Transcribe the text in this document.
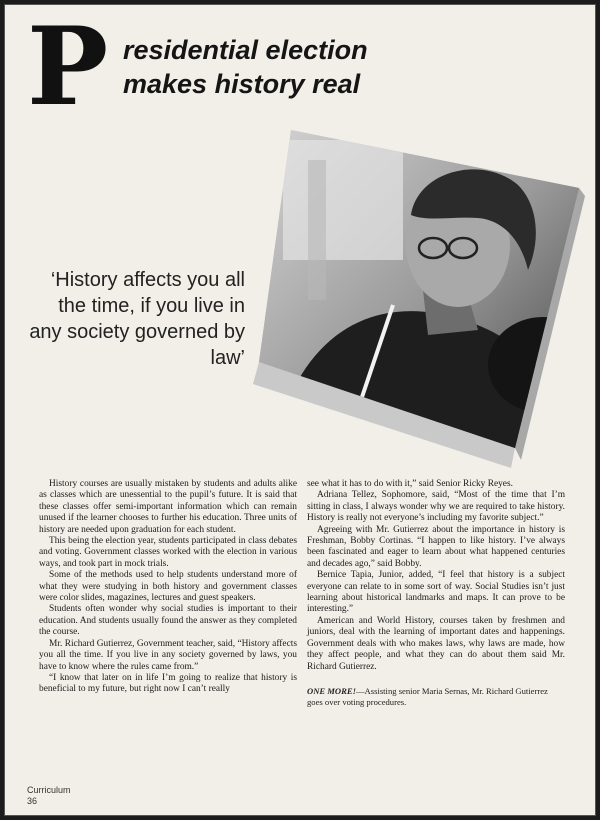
P residential election
makes history real
‘History affects you all the time, if you live in any society governed by law’

History courses are usually mistaken by students and adults alike as classes which are unessential to the pupil’s future. It is said that these classes offer semi-important information which can remain unused if the learner chooses to further his education. Three units of history are needed upon graduation for each student.

This being the election year, students participated in class debates and voting. Government classes worked with the election in various ways, and took part in mock trials.

Some of the methods used to help students understand more of what they were studying in both history and government classes were color slides, magazines, lectures and guest speakers.

Students often wonder why social studies is important to their education. And students usually found the answer as they completed the course.

Mr. Richard Gutierrez, Government teacher, said, “History affects you all the time. If you live in any society governed by laws, you have to know where the rules came from.”

“I know that later on in life I’m going to realize that history is beneficial to my future, but right now I can’t really

see what it has to do with it,” said Senior Ricky Reyes.

Adriana Tellez, Sophomore, said, “Most of the time that I’m sitting in class, I always wonder why we are required to take history. History is really not everyone’s including my favorite subject.”

Agreeing with Mr. Gutierrez about the importance in history is Freshman, Bobby Cortinas. “I happen to like history. I’ve always been fascinated and eager to learn about what happened centuries and decades ago,” said Bobby.

Bernice Tapia, Junior, added, “I feel that history is a subject everyone can relate to in some sort of way. Social Studies isn’t just learning about historical landmarks and maps. It can prove to be interesting.”

American and World History, courses taken by freshmen and juniors, deal with the learning of important dates and happenings. Government deals with who makes laws, why laws are made, how they affect people, and what they can do about them said Mr. Richard Gutierrez.

ONE MORE!—Assisting senior Maria Sernas, Mr. Richard Gutierrez goes over voting procedures.
Curriculum
36
